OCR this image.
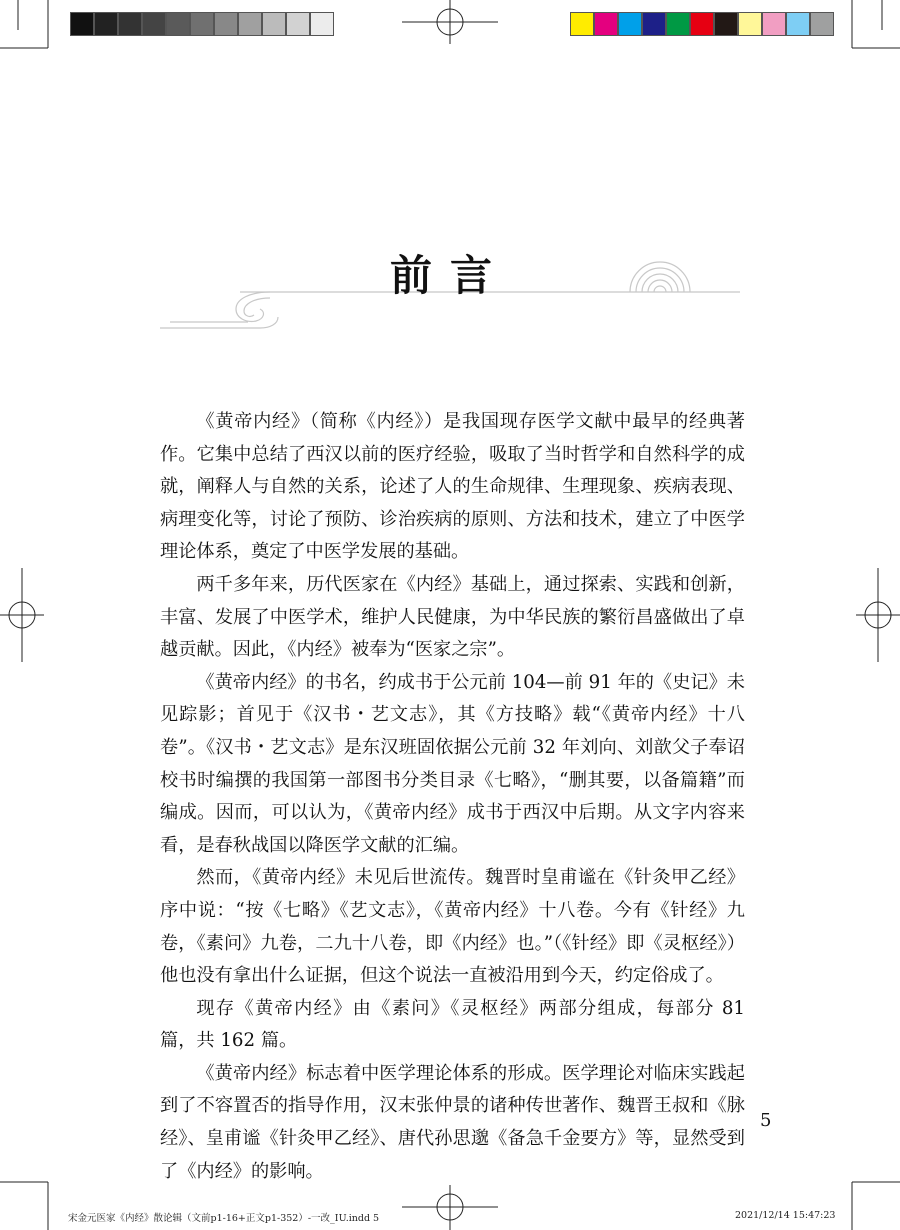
前言

《黄帝内经》（简称《内经》）是我国现存医学文献中最早的经典著作。它集中总结了西汉以前的医疗经验，吸取了当时哲学和自然科学的成就，阐释人与自然的关系，论述了人的生命规律、生理现象、疾病表现、病理变化等，讨论了预防、诊治疾病的原则、方法和技术，建立了中医学理论体系，奠定了中医学发展的基础。

两千多年来，历代医家在《内经》基础上，通过探索、实践和创新，丰富、发展了中医学术，维护人民健康，为中华民族的繁衍昌盛做出了卓越贡献。因此，《内经》被奉为“医家之宗”。

《黄帝内经》的书名，约成书于公元前 104—前 91 年的《史记》未见踪影；首见于《汉书・艺文志》，其《方技略》载“《黄帝内经》十八卷”。《汉书・艺文志》是东汉班固依据公元前 32 年刘向、刘歆父子奉诏校书时编撰的我国第一部图书分类目录《七略》，“删其要，以备篇籍”而编成。因而，可以认为，《黄帝内经》成书于西汉中后期。从文字内容来看，是春秋战国以降医学文献的汇编。

然而，《黄帝内经》未见后世流传。魏晋时皇甫谧在《针灸甲乙经》序中说：“按《七略》《艺文志》，《黄帝内经》十八卷。今有《针经》九卷，《素问》九卷，二九十八卷，即《内经》也。”（《针经》即《灵枢经》）他也没有拿出什么证据，但这个说法一直被沿用到今天，约定俗成了。

现存《黄帝内经》由《素问》《灵枢经》两部分组成，每部分 81 篇，共 162 篇。

《黄帝内经》标志着中医学理论体系的形成。医学理论对临床实践起到了不容置否的指导作用，汉末张仲景的诸种传世著作、魏晋王叔和《脉经》、皇甫谧《针灸甲乙经》、唐代孙思邈《备急千金要方》等，显然受到了《内经》的影响。

5
宋金元医家《内经》散论辑（文前p1-16+正文p1-352）-一改_IU.indd 5	2021/12/14 15:47:23
